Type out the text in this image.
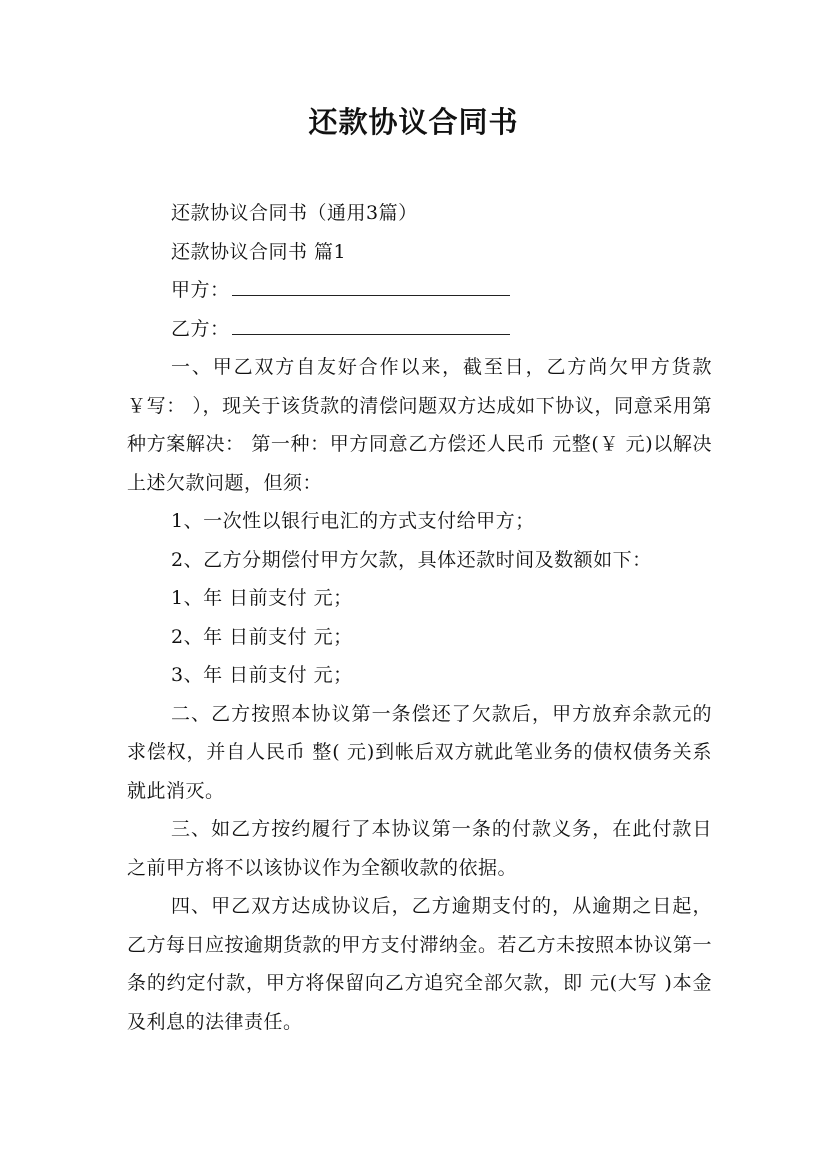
还款协议合同书

还款协议合同书（通用3篇）

还款协议合同书 篇1

甲方：

乙方：

一、甲乙双方自友好合作以来，截至日，乙方尚欠甲方货款￥写： ），现关于该货款的清偿问题双方达成如下协议，同意采用第 种方案解决： 第一种：甲方同意乙方偿还人民币 元整(￥ 元)以解决上述欠款问题，但须：

1、一次性以银行电汇的方式支付给甲方；

2、乙方分期偿付甲方欠款，具体还款时间及数额如下：

1、年 日前支付 元；

2、年 日前支付 元；

3、年 日前支付 元；

二、乙方按照本协议第一条偿还了欠款后，甲方放弃余款元的求偿权，并自人民币 整( 元)到帐后双方就此笔业务的债权债务关系就此消灭。

三、如乙方按约履行了本协议第一条的付款义务，在此付款日之前甲方将不以该协议作为全额收款的依据。

四、甲乙双方达成协议后，乙方逾期支付的，从逾期之日起，乙方每日应按逾期货款的甲方支付滞纳金。若乙方未按照本协议第一条的约定付款，甲方将保留向乙方追究全部欠款，即 元(大写 )本金及利息的法律责任。
